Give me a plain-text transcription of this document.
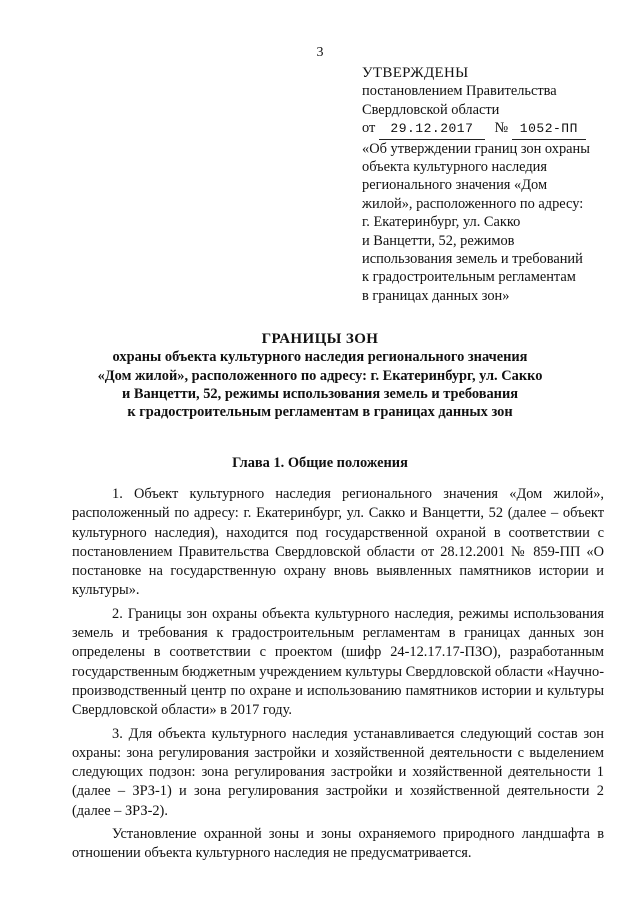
3
УТВЕРЖДЕНЫ
постановлением Правительства
Свердловской области
от 29.12.2017 № 1052-ПП
«Об утверждении границ зон охраны
объекта культурного наследия
регионального значения «Дом
жилой», расположенного по адресу:
г. Екатеринбург, ул. Сакко
и Ванцетти, 52, режимов
использования земель и требований
к градостроительным регламентам
в границах данных зон»
ГРАНИЦЫ ЗОН
охраны объекта культурного наследия регионального значения
«Дом жилой», расположенного по адресу: г. Екатеринбург, ул. Сакко
и Ванцетти, 52, режимы использования земель и требования
к градостроительным регламентам в границах данных зон
Глава 1. Общие положения

1. Объект культурного наследия регионального значения «Дом жилой», расположенный по адресу: г. Екатеринбург, ул. Сакко и Ванцетти, 52 (далее – объект культурного наследия), находится под государственной охраной в соответствии с постановлением Правительства Свердловской области от 28.12.2001 № 859-ПП «О постановке на государственную охрану вновь выявленных памятников истории и культуры».

2. Границы зон охраны объекта культурного наследия, режимы использования земель и требования к градостроительным регламентам в границах данных зон определены в соответствии с проектом (шифр 24-12.17.17-ПЗО), разработанным государственным бюджетным учреждением культуры Свердловской области «Научно-производственный центр по охране и использованию памятников истории и культуры Свердловской области» в 2017 году.

3. Для объекта культурного наследия устанавливается следующий состав зон охраны: зона регулирования застройки и хозяйственной деятельности с выделением следующих подзон: зона регулирования застройки и хозяйственной деятельности 1 (далее – ЗРЗ-1) и зона регулирования застройки и хозяйственной деятельности 2 (далее – ЗРЗ-2).

Установление охранной зоны и зоны охраняемого природного ландшафта в отношении объекта культурного наследия не предусматривается.
